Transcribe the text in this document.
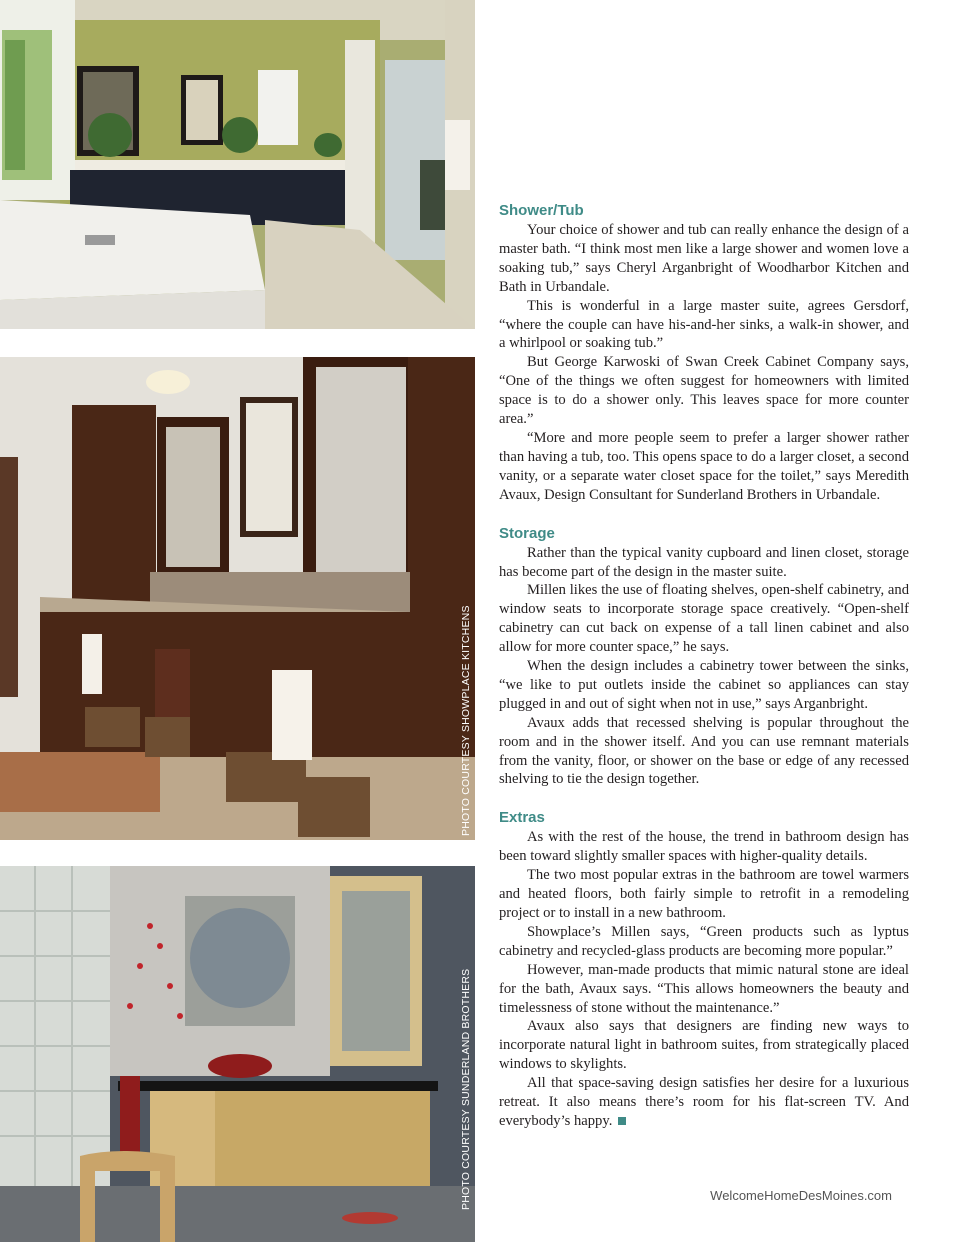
PHOTO COURTESY SHOWPLACE KITCHENS
PHOTO COURTESY SUNDERLAND BROTHERS
Shower/Tub

Your choice of shower and tub can really enhance the design of a master bath. “I think most men like a large shower and women love a soaking tub,” says Cheryl Arganbright of Woodharbor Kitchen and Bath in Urbandale.

This is wonderful in a large master suite, agrees Gersdorf, “where the couple can have his-and-her sinks, a walk-in shower, and a whirlpool or soaking tub.”

But George Karwoski of Swan Creek Cabinet Company says, “One of the things we often suggest for homeowners with limited space is to do a shower only. This leaves space for more counter area.”

“More and more people seem to prefer a larger shower rather than having a tub, too. This opens space to do a larger closet, a second vanity, or a separate water closet space for the toilet,” says Meredith Avaux, Design Consultant for Sunderland Brothers in Urbandale.

Storage

Rather than the typical vanity cupboard and linen closet, storage has become part of the design in the master suite.

Millen likes the use of floating shelves, open-shelf cabinetry, and window seats to incorporate storage space creatively. “Open-shelf cabinetry can cut back on expense of a tall linen cabinet and also allow for more counter space,” he says.

When the design includes a cabinetry tower between the sinks, “we like to put outlets inside the cabinet so appliances can stay plugged in and out of sight when not in use,” says Arganbright.

Avaux adds that recessed shelving is popular throughout the room and in the shower itself. And you can use remnant materials from the vanity, floor, or shower on the base or edge of any recessed shelving to tie the design together.

Extras

As with the rest of the house, the trend in bathroom design has been toward slightly smaller spaces with higher-quality details.

The two most popular extras in the bathroom are towel warmers and heated floors, both fairly simple to retrofit in a remodeling project or to install in a new bathroom.

Showplace’s Millen says, “Green products such as lyptus cabinetry and recycled-glass products are becoming more popular.”

However, man-made products that mimic natural stone are ideal for the bath, Avaux says. “This allows homeowners the beauty and timelessness of stone without the maintenance.”

Avaux also says that designers are finding new ways to incorporate natural light in bathroom suites, from strategically placed windows to skylights.

All that space-saving design satisfies her desire for a luxurious retreat. It also means there’s room for his flat-screen TV. And everybody’s happy.

WelcomeHomeDesMoines.com
